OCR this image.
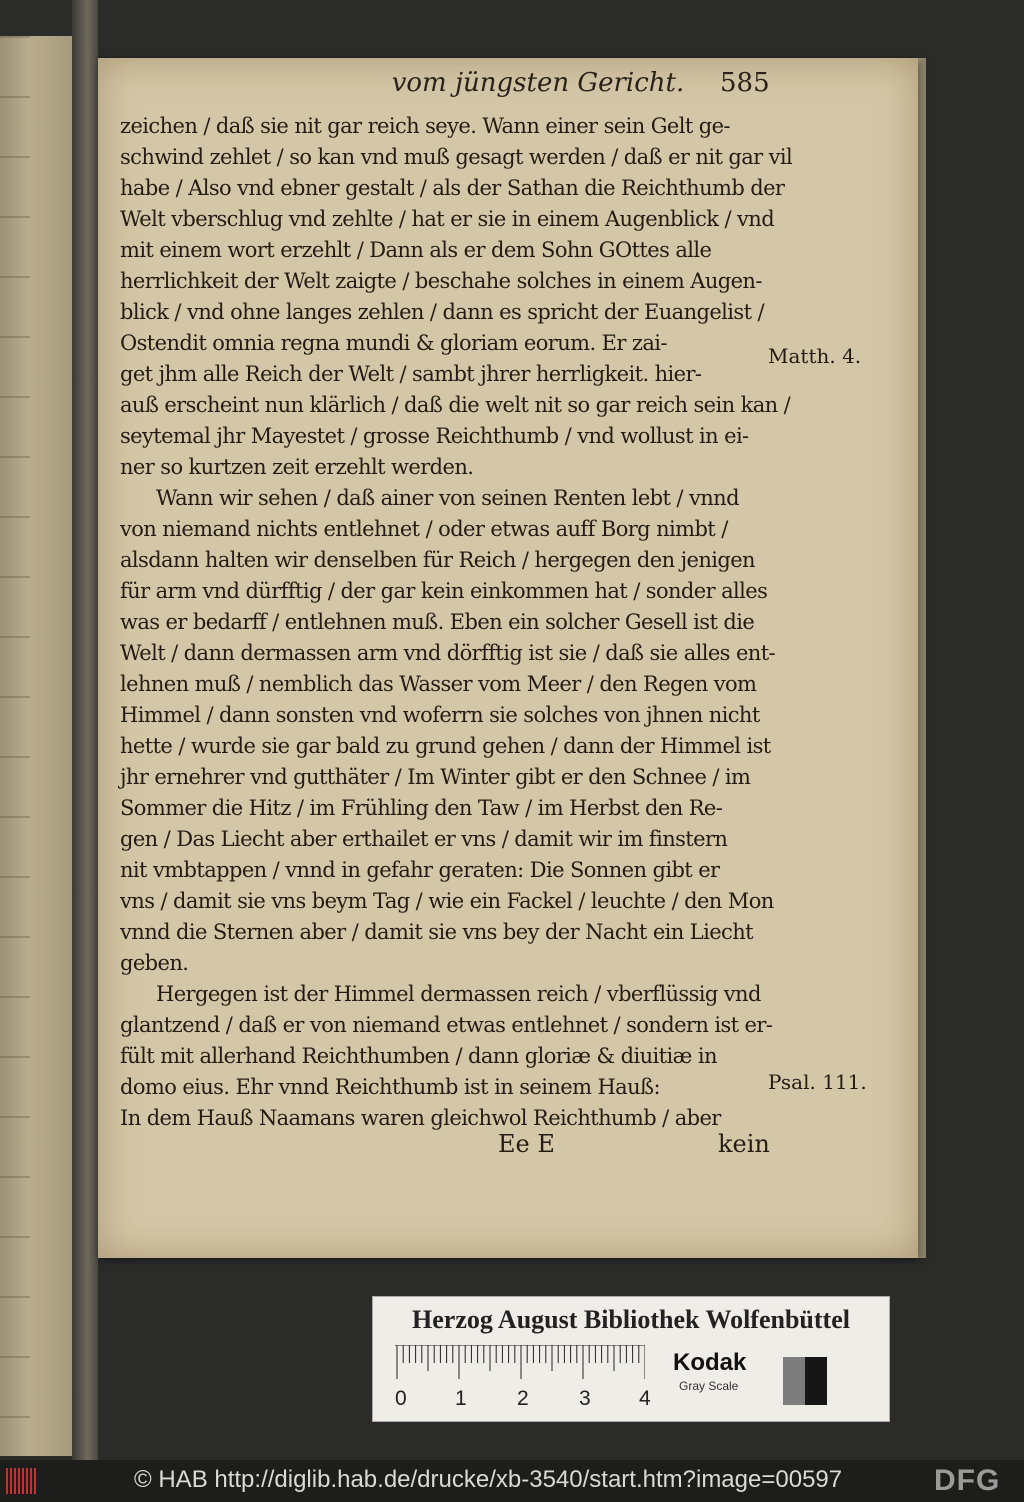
vom jüngsten Gericht.	585
zeichen / daß sie nit gar reich seye. Wann einer sein Gelt ge-
schwind zehlet / so kan vnd muß gesagt werden / daß er nit gar vil
habe / Also vnd ebner gestalt / als der Sathan die Reichthumb der
Welt vberschlug vnd zehlte / hat er sie in einem Augenblick / vnd
mit einem wort erzehlt / Dann als er dem Sohn GOttes alle
herrlichkeit der Welt zaigte / beschahe solches in einem Augen-
blick / vnd ohne langes zehlen / dann es spricht der Euangelist /
Ostendit omnia regna mundi & gloriam eorum. Er zai-
get jhm alle Reich der Welt / sambt jhrer herrligkeit. hier-
auß erscheint nun klärlich / daß die welt nit so gar reich sein kan /
seytemal jhr Mayestet / grosse Reichthumb / vnd wollust in ei-
ner so kurtzen zeit erzehlt werden.
Wann wir sehen / daß ainer von seinen Renten lebt / vnnd
von niemand nichts entlehnet / oder etwas auff Borg nimbt /
alsdann halten wir denselben für Reich / hergegen den jenigen
für arm vnd dürfftig / der gar kein einkommen hat / sonder alles
was er bedarff / entlehnen muß. Eben ein solcher Gesell ist die
Welt / dann dermassen arm vnd dörfftig ist sie / daß sie alles ent-
lehnen muß / nemblich das Wasser vom Meer / den Regen vom
Himmel / dann sonsten vnd woferrn sie solches von jhnen nicht
hette / wurde sie gar bald zu grund gehen / dann der Himmel ist
jhr ernehrer vnd gutthäter / Im Winter gibt er den Schnee / im
Sommer die Hitz / im Frühling den Taw / im Herbst den Re-
gen / Das Liecht aber erthailet er vns / damit wir im finstern
nit vmbtappen / vnnd in gefahr geraten: Die Sonnen gibt er
vns / damit sie vns beym Tag / wie ein Fackel / leuchte / den Mon
vnnd die Sternen aber / damit sie vns bey der Nacht ein Liecht
geben.
Hergegen ist der Himmel dermassen reich / vberflüssig vnd
glantzend / daß er von niemand etwas entlehnet / sondern ist er-
fült mit allerhand Reichthumben / dann gloriæ & diuitiæ in
domo eius. Ehr vnnd Reichthumb ist in seinem Hauß:
In dem Hauß Naamans waren gleichwol Reichthumb / aber
Matth. 4.
Psal. 111.
Ee E	kein
Herzog August Bibliothek Wolfenbüttel
0 1 2 3 4
Kodak
Gray Scale
© HAB http://diglib.hab.de/drucke/xb-3540/start.htm?image=00597	DFG
